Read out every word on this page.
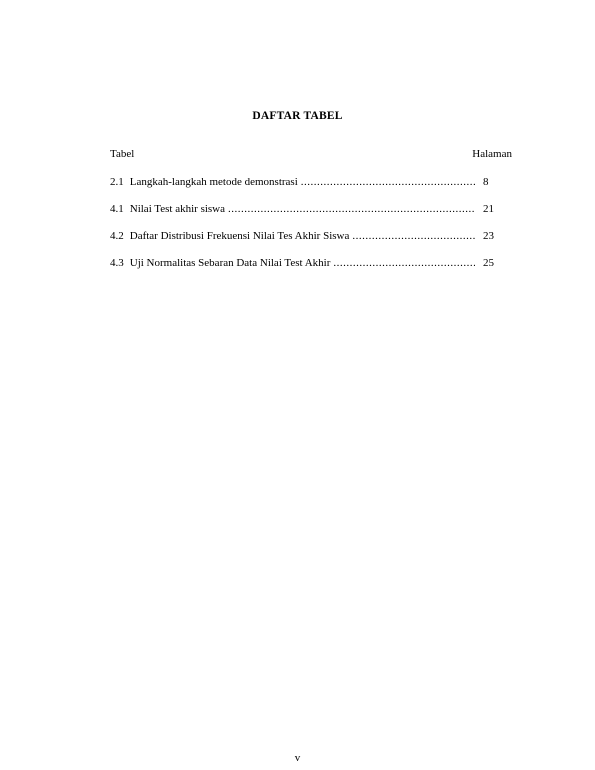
DAFTAR TABEL
Tabel	Halaman
2.1 Langkah-langkah metode demonstrasi .....	8
4.1 Nilai Test akhir siswa .....	21
4.2 Daftar Distribusi Frekuensi Nilai Tes Akhir Siswa .....	23
4.3 Uji Normalitas Sebaran Data Nilai Test Akhir .....	25
v
